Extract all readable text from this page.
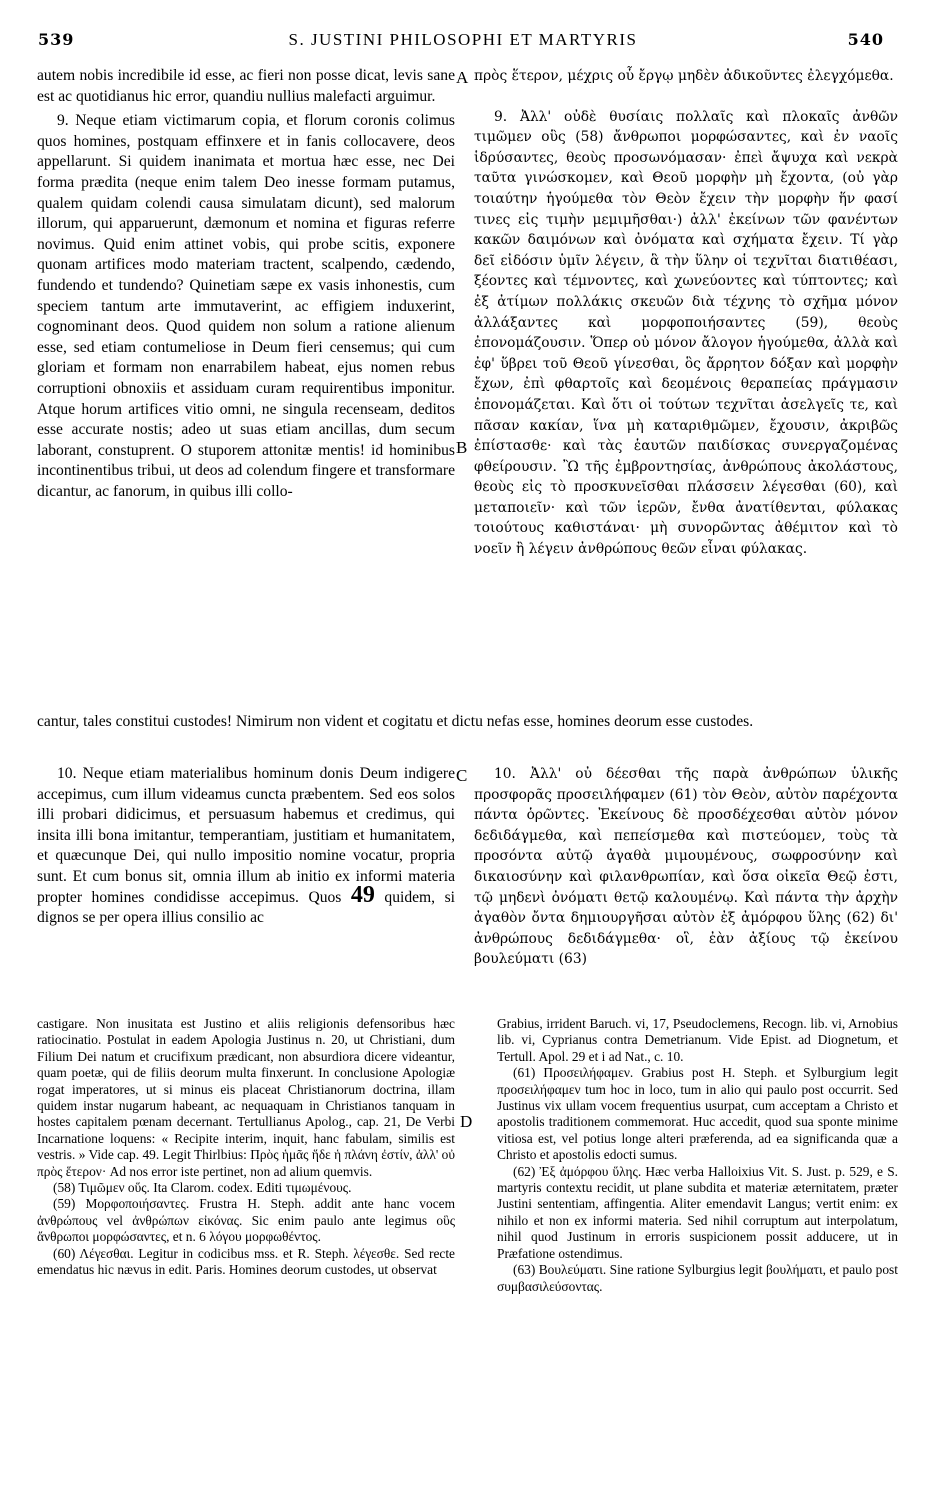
539	S. JUSTINI PHILOSOPHI ET MARTYRIS	540

autem nobis incredibile id esse, ac fieri non posse dicat, levis sane est ac quotidianus hic error, quandiu nullius malefacti arguimur.

9. Neque etiam victimarum copia, et florum coronis colimus quos homines, postquam effinxere et in fanis collocavere, deos appellarunt. Si quidem inanimata et mortua hæc esse, nec Dei forma prædita (neque enim talem Deo inesse formam putamus, qualem quidam colendi causa simulatam dicunt), sed malorum illorum, qui apparuerunt, dæmonum et nomina et figuras referre novimus. Quid enim attinet vobis, qui probe scitis, exponere quonam artifices modo materiam tractent, scalpendo, cædendo, fundendo et tundendo? Quinetiam sæpe ex vasis inhonestis, cum speciem tantum arte immutaverint, ac effigiem induxerint, cognominant deos. Quod quidem non solum a ratione alienum esse, sed etiam contumeliose in Deum fieri censemus; qui cum gloriam et formam non enarrabilem habeat, ejus nomen rebus corruptioni obnoxiis et assiduam curam requirentibus imponitur. Atque horum artifices vitio omni, ne singula recenseam, deditos esse accurate nostis; adeo ut suas etiam ancillas, dum secum laborant, constuprent. O stuporem attonitæ mentis! id hominibus incontinentibus tribui, ut deos ad colendum fingere et transformare dicantur, ac fanorum, in quibus illi collo-

A
B

πρὸς ἕτερον, μέχρις οὗ ἔργῳ μηδὲν ἀδικοῦντες ἐλεγχόμεθα.

9. Ἀλλ' οὐδὲ θυσίαις πολλαῖς καὶ πλοκαῖς ἀνθῶν τιμῶμεν οὓς (58) ἄνθρωποι μορφώσαντες, καὶ ἐν ναοῖς ἱδρύσαντες, θεοὺς προσωνόμασαν· ἐπεὶ ἄψυχα καὶ νεκρὰ ταῦτα γινώσκομεν, καὶ Θεοῦ μορφὴν μὴ ἔχοντα, (οὐ γὰρ τοιαύτην ἡγούμεθα τὸν Θεὸν ἔχειν τὴν μορφὴν ἥν φασί τινες εἰς τιμὴν μεμιμῆσθαι·) ἀλλ' ἐκείνων τῶν φανέντων κακῶν δαιμόνων καὶ ὀνόματα καὶ σχήματα ἔχειν. Τί γὰρ δεῖ εἰδόσιν ὑμῖν λέγειν, ἃ τὴν ὕλην οἱ τεχνῖται διατιθέασι, ξέοντες καὶ τέμνοντες, καὶ χωνεύοντες καὶ τύπτοντες; καὶ ἐξ ἀτίμων πολλάκις σκευῶν διὰ τέχνης τὸ σχῆμα μόνον ἀλλάξαντες καὶ μορφοποιήσαντες (59), θεοὺς ἐπονομάζουσιν. Ὅπερ οὐ μόνον ἄλογον ἡγούμεθα, ἀλλὰ καὶ ἐφ' ὕβρει τοῦ Θεοῦ γίνεσθαι, ὃς ἄρρητον δόξαν καὶ μορφὴν ἔχων, ἐπὶ φθαρτοῖς καὶ δεομένοις θεραπείας πράγμασιν ἐπονομάζεται. Καὶ ὅτι οἱ τούτων τεχνῖται ἀσελγεῖς τε, καὶ πᾶσαν κακίαν, ἵνα μὴ καταριθμῶμεν, ἔχουσιν, ἀκριβῶς ἐπίστασθε· καὶ τὰς ἑαυτῶν παιδίσκας συνεργαζομένας φθείρουσιν. Ὢ τῆς ἐμβροντησίας, ἀνθρώπους ἀκολάστους, θεοὺς εἰς τὸ προσκυνεῖσθαι πλάσσειν λέγεσθαι (60), καὶ μεταποιεῖν· καὶ τῶν ἱερῶν, ἔνθα ἀνατίθενται, φύλακας τοιούτους καθιστάναι· μὴ συνορῶντας ἀθέμιτον καὶ τὸ νοεῖν ἢ λέγειν ἀνθρώπους θεῶν εἶναι φύλακας.

cantur, tales constitui custodes! Nimirum non vident et cogitatu et dictu nefas esse, homines deorum esse custodes.

10. Neque etiam materialibus hominum donis Deum indigere accepimus, cum illum videamus cuncta præbentem. Sed eos solos illi probari didicimus, et persuasum habemus et credimus, qui insita illi bona imitantur, temperantiam, justitiam et humanitatem, et quæcunque Dei, qui nullo impositio nomine vocatur, propria sunt. Et cum bonus sit, omnia illum ab initio ex informi materia propter homines condidisse accepimus. Quos 49 quidem, si dignos se per opera illius consilio ac

C	10. Ἀλλ' οὐ δέεσθαι τῆς παρὰ ἀνθρώπων ὑλικῆς προσφορᾶς προσειλήφαμεν (61) τὸν Θεὸν, αὐτὸν παρέχοντα πάντα ὁρῶντες. Ἐκείνους δὲ προσδέχεσθαι αὐτὸν μόνον δεδιδάγμεθα, καὶ πεπείσμεθα καὶ πιστεύομεν, τοὺς τὰ προσόντα αὐτῷ ἀγαθὰ μιμουμένους, σωφροσύνην καὶ δικαιοσύνην καὶ φιλανθρωπίαν, καὶ ὅσα οἰκεῖα Θεῷ ἐστι, τῷ μηδενὶ ὀνόματι θετῷ καλουμένῳ. Καὶ πάντα τὴν ἀρχὴν ἀγαθὸν ὄντα δημιουργῆσαι αὐτὸν ἐξ ἀμόρφου ὕλης (62) δι' ἀνθρώπους δεδιδάγμεθα· οἳ, ἐὰν ἀξίους τῷ ἐκείνου βουλεύματι (63)

castigare. Non inusitata est Justino et aliis religionis defensoribus hæc ratiocinatio. Postulat in eadem Apologia Justinus n. 20, ut Christiani, dum Filium Dei natum et crucifixum prædicant, non absurdiora dicere videantur, quam poetæ, qui de filiis deorum multa finxerunt. In conclusione Apologiæ rogat imperatores, ut si minus eis placeat Christianorum doctrina, illam quidem instar nugarum habeant, ac nequaquam in Christianos tanquam in hostes capitalem pœnam decernant. Tertullianus Apolog., cap. 21, De Verbi Incarnatione loquens: « Recipite interim, inquit, hanc fabulam, similis est vestris. » Vide cap. 49. Legit Thirlbius: Πρὸς ἡμᾶς ἥδε ἡ πλάνη ἐστίν, ἀλλ' οὐ πρὸς ἕτερον· Ad nos error iste pertinet, non ad alium quemvis.

(58) Τιμῶμεν οὕς. Ita Clarom. codex. Editi τιμωμένους.

(59) Μορφοποιήσαντες. Frustra H. Steph. addit ante hanc vocem ἀνθρώπους vel ἀνθρώπων εἰκόνας. Sic enim paulo ante legimus οὓς ἄνθρωποι μορφώσαντες, et n. 6 λόγου μορφωθέντος.

(60) Λέγεσθαι. Legitur in codicibus mss. et R. Steph. λέγεσθε. Sed recte emendatus hic nævus in edit. Paris. Homines deorum custodes, ut observat

D

Grabius, irrident Baruch. vi, 17, Pseudoclemens, Recogn. lib. vi, Arnobius lib. vi, Cyprianus contra Demetrianum. Vide Epist. ad Diognetum, et Tertull. Apol. 29 et i ad Nat., c. 10.

(61) Προσειλήφαμεν. Grabius post H. Steph. et Sylburgium legit προσειλήφαμεν tum hoc in loco, tum in alio qui paulo post occurrit. Sed Justinus vix ullam vocem frequentius usurpat, cum acceptam a Christo et apostolis traditionem commemorat. Huc accedit, quod sua sponte minime vitiosa est, vel potius longe alteri præferenda, ad ea significanda quæ a Christo et apostolis edocti sumus.

(62) Ἐξ ἀμόρφου ὕλης. Hæc verba Halloixius Vit. S. Just. p. 529, e S. martyris contextu recidit, ut plane subdita et materiæ æternitatem, præter Justini sententiam, affingentia. Aliter emendavit Langus; vertit enim: ex nihilo et non ex informi materia. Sed nihil corruptum aut interpolatum, nihil quod Justinum in erroris suspicionem possit adducere, ut in Præfatione ostendimus.

(63) Βουλεύματι. Sine ratione Sylburgius legit βουλήματι, et paulo post συμβασιλεύσοντας.
